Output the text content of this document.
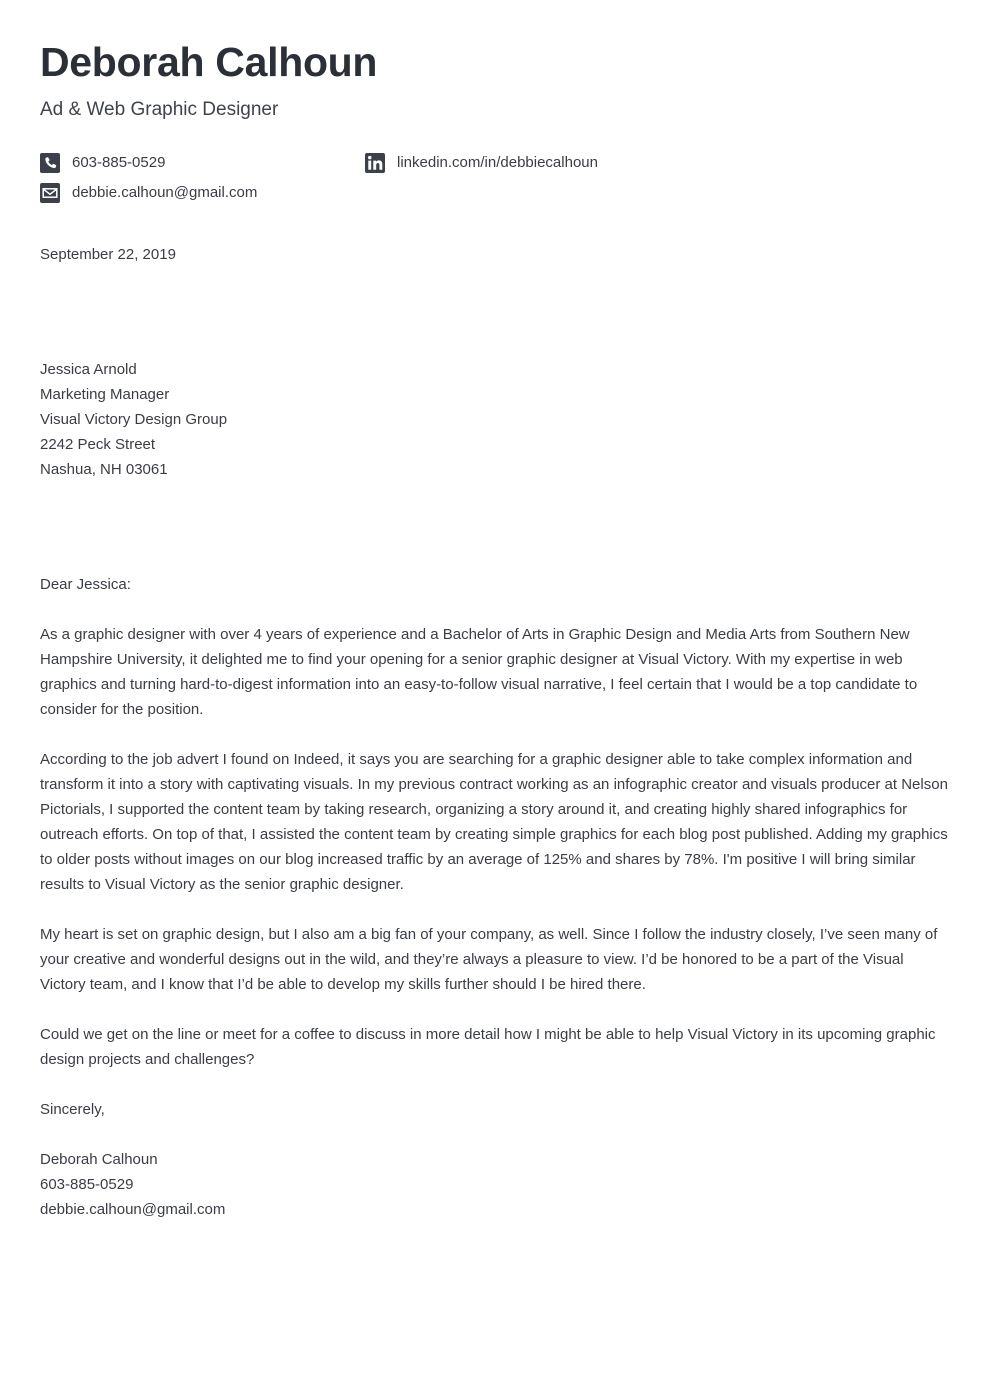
Deborah Calhoun
Ad & Web Graphic Designer
603-885-0529	linkedin.com/in/debbiecalhoun
debbie.calhoun@gmail.com
September 22, 2019
Jessica Arnold
Marketing Manager
Visual Victory Design Group
2242 Peck Street
Nashua, NH 03061
Dear Jessica:

As a graphic designer with over 4 years of experience and a Bachelor of Arts in Graphic Design and Media Arts from Southern New Hampshire University, it delighted me to find your opening for a senior graphic designer at Visual Victory. With my expertise in web graphics and turning hard-to-digest information into an easy-to-follow visual narrative, I feel certain that I would be a top candidate to consider for the position.

According to the job advert I found on Indeed, it says you are searching for a graphic designer able to take complex information and transform it into a story with captivating visuals. In my previous contract working as an infographic creator and visuals producer at Nelson Pictorials, I supported the content team by taking research, organizing a story around it, and creating highly shared infographics for outreach efforts. On top of that, I assisted the content team by creating simple graphics for each blog post published. Adding my graphics to older posts without images on our blog increased traffic by an average of 125% and shares by 78%. I'm positive I will bring similar results to Visual Victory as the senior graphic designer.

My heart is set on graphic design, but I also am a big fan of your company, as well. Since I follow the industry closely, I’ve seen many of your creative and wonderful designs out in the wild, and they’re always a pleasure to view. I’d be honored to be a part of the Visual Victory team, and I know that I’d be able to develop my skills further should I be hired there.

Could we get on the line or meet for a coffee to discuss in more detail how I might be able to help Visual Victory in its upcoming graphic design projects and challenges?

Sincerely,
Deborah Calhoun
603-885-0529
debbie.calhoun@gmail.com
